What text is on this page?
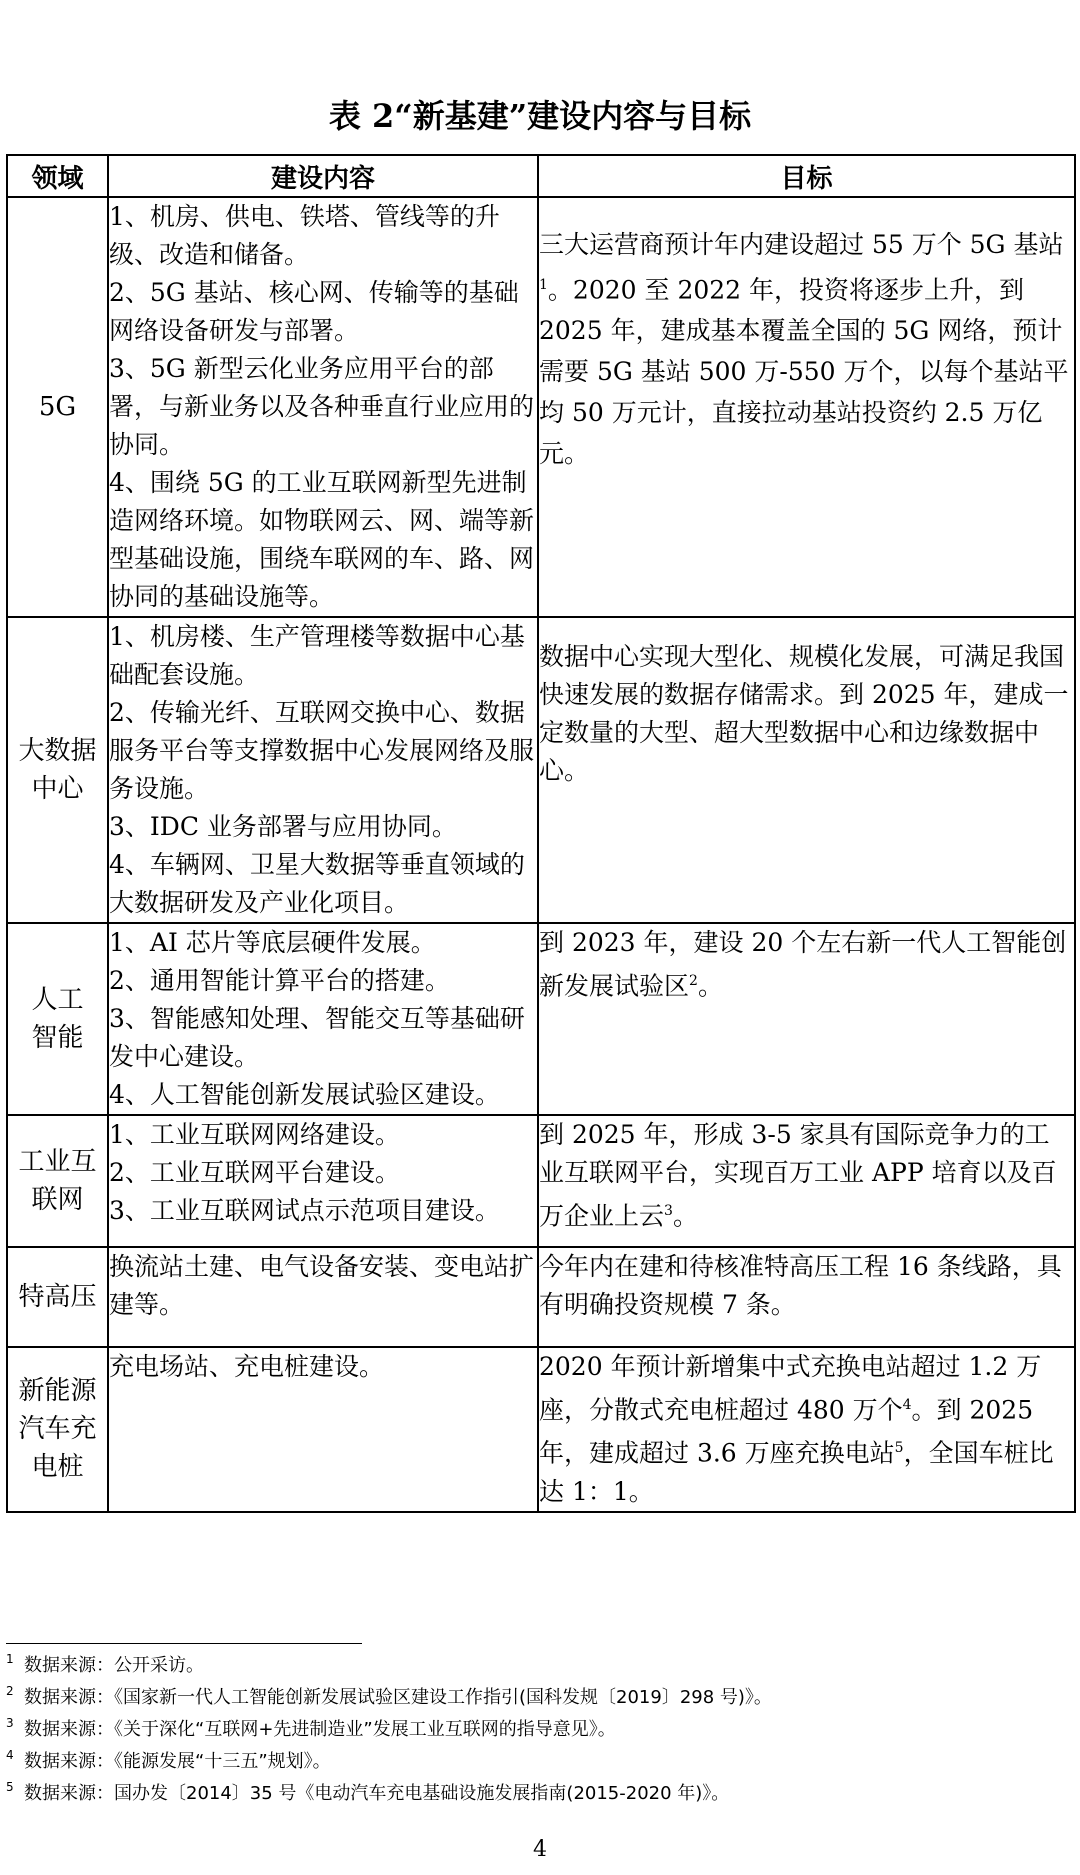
表 2“新基建”建设内容与目标
领域	建设内容	目标
5G	1、机房、供电、铁塔、管线等的升级、改造和储备。
2、5G 基站、核心网、传输等的基础网络设备研发与部署。
3、5G 新型云化业务应用平台的部署，与新业务以及各种垂直行业应用的协同。
4、围绕 5G 的工业互联网新型先进制造网络环境。如物联网云、网、端等新型基础设施，围绕车联网的车、路、网协同的基础设施等。	三大运营商预计年内建设超过 55 万个 5G 基站$^1$。2020 至 2022 年，投资将逐步上升，到 2025 年，建成基本覆盖全国的 5G 网络，预计需要 5G 基站 500 万-550 万个，以每个基站平均 50 万元计，直接拉动基站投资约 2.5 万亿元。

大数据中心	1、机房楼、生产管理楼等数据中心基础配套设施。
2、传输光纤、互联网交换中心、数据服务平台等支撑数据中心发展网络及服务设施。
3、IDC 业务部署与应用协同。
4、车辆网、卫星大数据等垂直领域的大数据研发及产业化项目。	数据中心实现大型化、规模化发展，可满足我国快速发展的数据存储需求。到 2025 年，建成一定数量的大型、超大型数据中心和边缘数据中心。

人工智能	1、AI 芯片等底层硬件发展。
2、通用智能计算平台的搭建。
3、智能感知处理、智能交互等基础研发中心建设。
4、人工智能创新发展试验区建设。	到 2023 年，建设 20 个左右新一代人工智能创新发展试验区$^2$。

工业互联网	1、工业互联网网络建设。
2、工业互联网平台建设。
3、工业互联网试点示范项目建设。	到 2025 年，形成 3-5 家具有国际竞争力的工业互联网平台，实现百万工业 APP 培育以及百万企业上云$^3$。

特高压	换流站土建、电气设备安装、变电站扩建等。	今年内在建和待核准特高压工程 16 条线路，具有明确投资规模 7 条。

新能源汽车充电桩	充电场站、充电桩建设。	2020 年预计新增集中式充换电站超过 1.2 万座，分散式充电桩超过 480 万个$^4$。到 2025 年，建成超过 3.6 万座充换电站$^5$，全国车桩比达 1：1。
1 数据来源：公开采访。
2 数据来源：《国家新一代人工智能创新发展试验区建设工作指引(国科发规〔2019〕298 号)》。
3 数据来源：《关于深化“互联网+先进制造业”发展工业互联网的指导意见》。
4 数据来源：《能源发展“十三五”规划》。
5 数据来源：国办发〔2014〕35 号《电动汽车充电基础设施发展指南(2015-2020 年)》。
4
